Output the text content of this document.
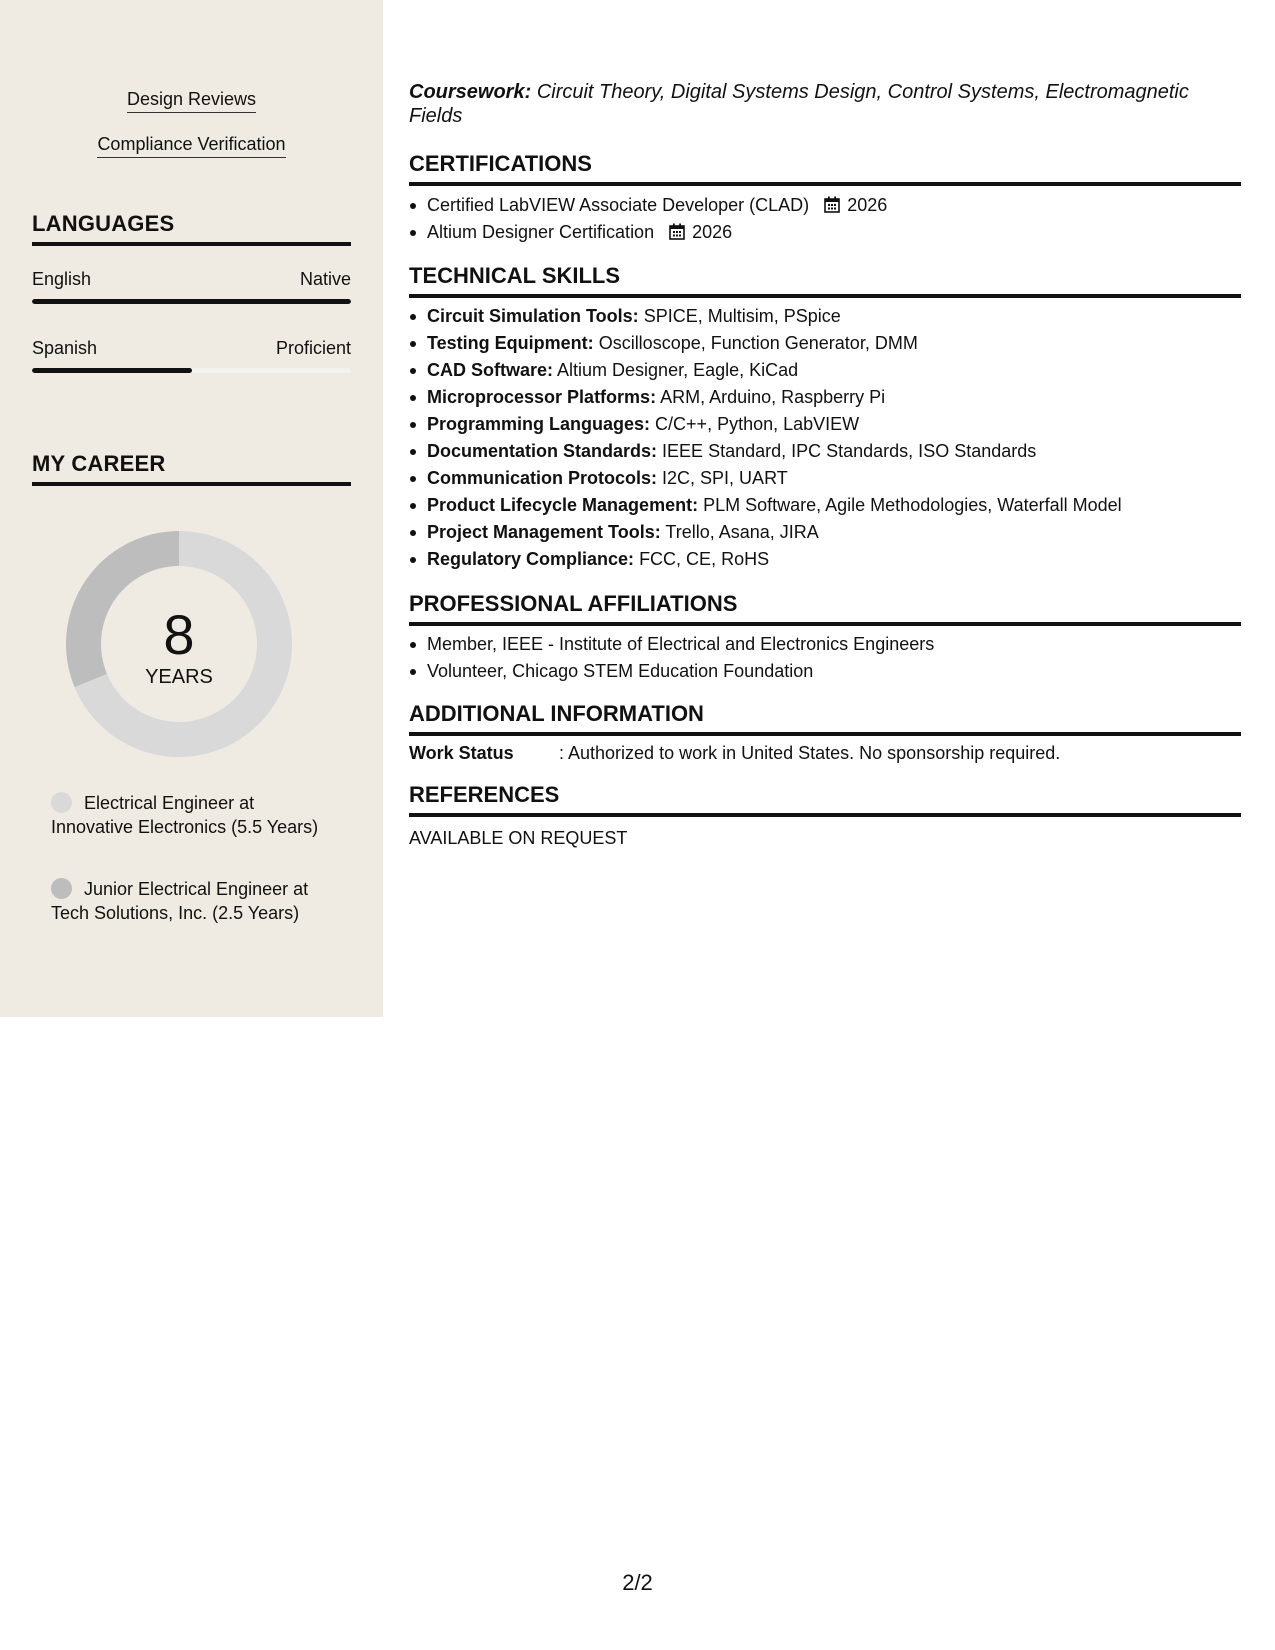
Design Reviews
Compliance Verification
LANGUAGES
English	Native
Spanish	Proficient
MY CAREER
8
YEARS
Electrical Engineer at Innovative Electronics (5.5 Years)
Junior Electrical Engineer at Tech Solutions, Inc. (2.5 Years)
Coursework: Circuit Theory, Digital Systems Design, Control Systems, Electromagnetic Fields
CERTIFICATIONS
Certified LabVIEW Associate Developer (CLAD) 2026
Altium Designer Certification 2026
TECHNICAL SKILLS
Circuit Simulation Tools: SPICE, Multisim, PSpice
Testing Equipment: Oscilloscope, Function Generator, DMM
CAD Software: Altium Designer, Eagle, KiCad
Microprocessor Platforms: ARM, Arduino, Raspberry Pi
Programming Languages: C/C++, Python, LabVIEW
Documentation Standards: IEEE Standard, IPC Standards, ISO Standards
Communication Protocols: I2C, SPI, UART
Product Lifecycle Management: PLM Software, Agile Methodologies, Waterfall Model
Project Management Tools: Trello, Asana, JIRA
Regulatory Compliance: FCC, CE, RoHS
PROFESSIONAL AFFILIATIONS
Member, IEEE - Institute of Electrical and Electronics Engineers
Volunteer, Chicago STEM Education Foundation
ADDITIONAL INFORMATION
Work Status	: Authorized to work in United States. No sponsorship required.
REFERENCES
AVAILABLE ON REQUEST
2/2
